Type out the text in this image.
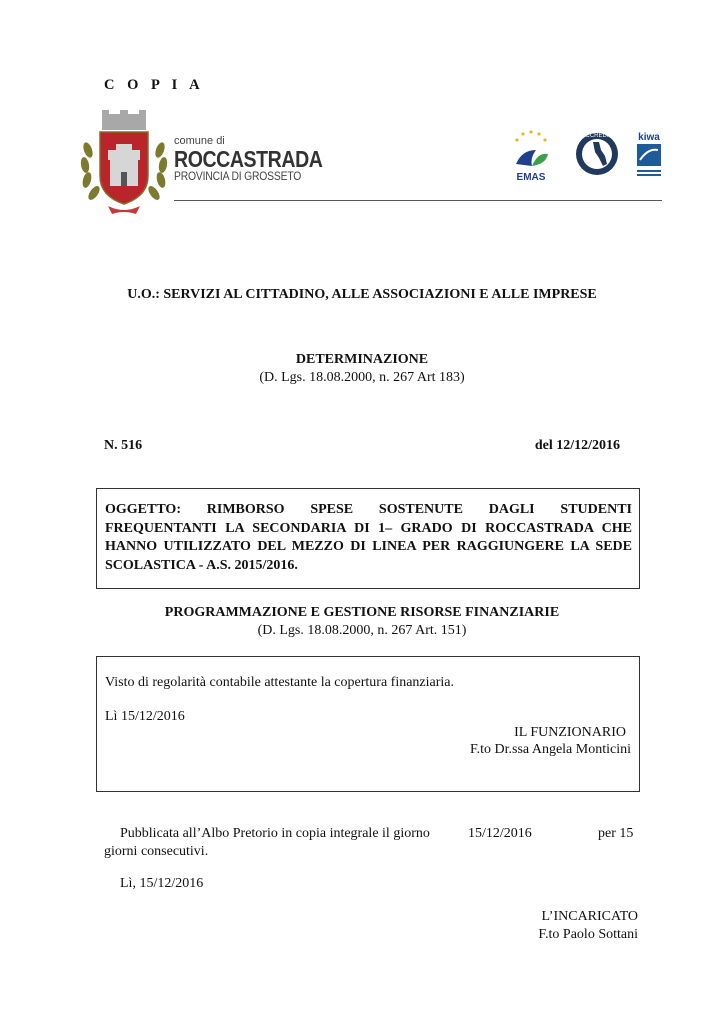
C O P I A
comune di
ROCCASTRADA
PROVINCIA DI GROSSETO	EMAS
ACCREDIA	kiwa
U.O.: SERVIZI AL CITTADINO, ALLE ASSOCIAZIONI E ALLE IMPRESE
DETERMINAZIONE
(D. Lgs. 18.08.2000, n. 267 Art 183)
N. 516	del 12/12/2016
OGGETTO: RIMBORSO SPESE SOSTENUTE DAGLI STUDENTI FREQUENTANTI LA SECONDARIA DI 1– GRADO DI ROCCASTRADA CHE HANNO UTILIZZATO DEL MEZZO DI LINEA PER RAGGIUNGERE LA SEDE SCOLASTICA - A.S. 2015/2016.
PROGRAMMAZIONE E GESTIONE RISORSE FINANZIARIE
(D. Lgs. 18.08.2000, n. 267 Art. 151)
Visto di regolarità contabile attestante la copertura finanziaria.
Lì 15/12/2016
IL FUNZIONARIO
F.to Dr.ssa Angela Monticini
Pubblicata all’Albo Pretorio in copia integrale il giorno	15/12/2016	per 15
giorni consecutivi.
Lì, 15/12/2016
L’INCARICATO
F.to Paolo Sottani
